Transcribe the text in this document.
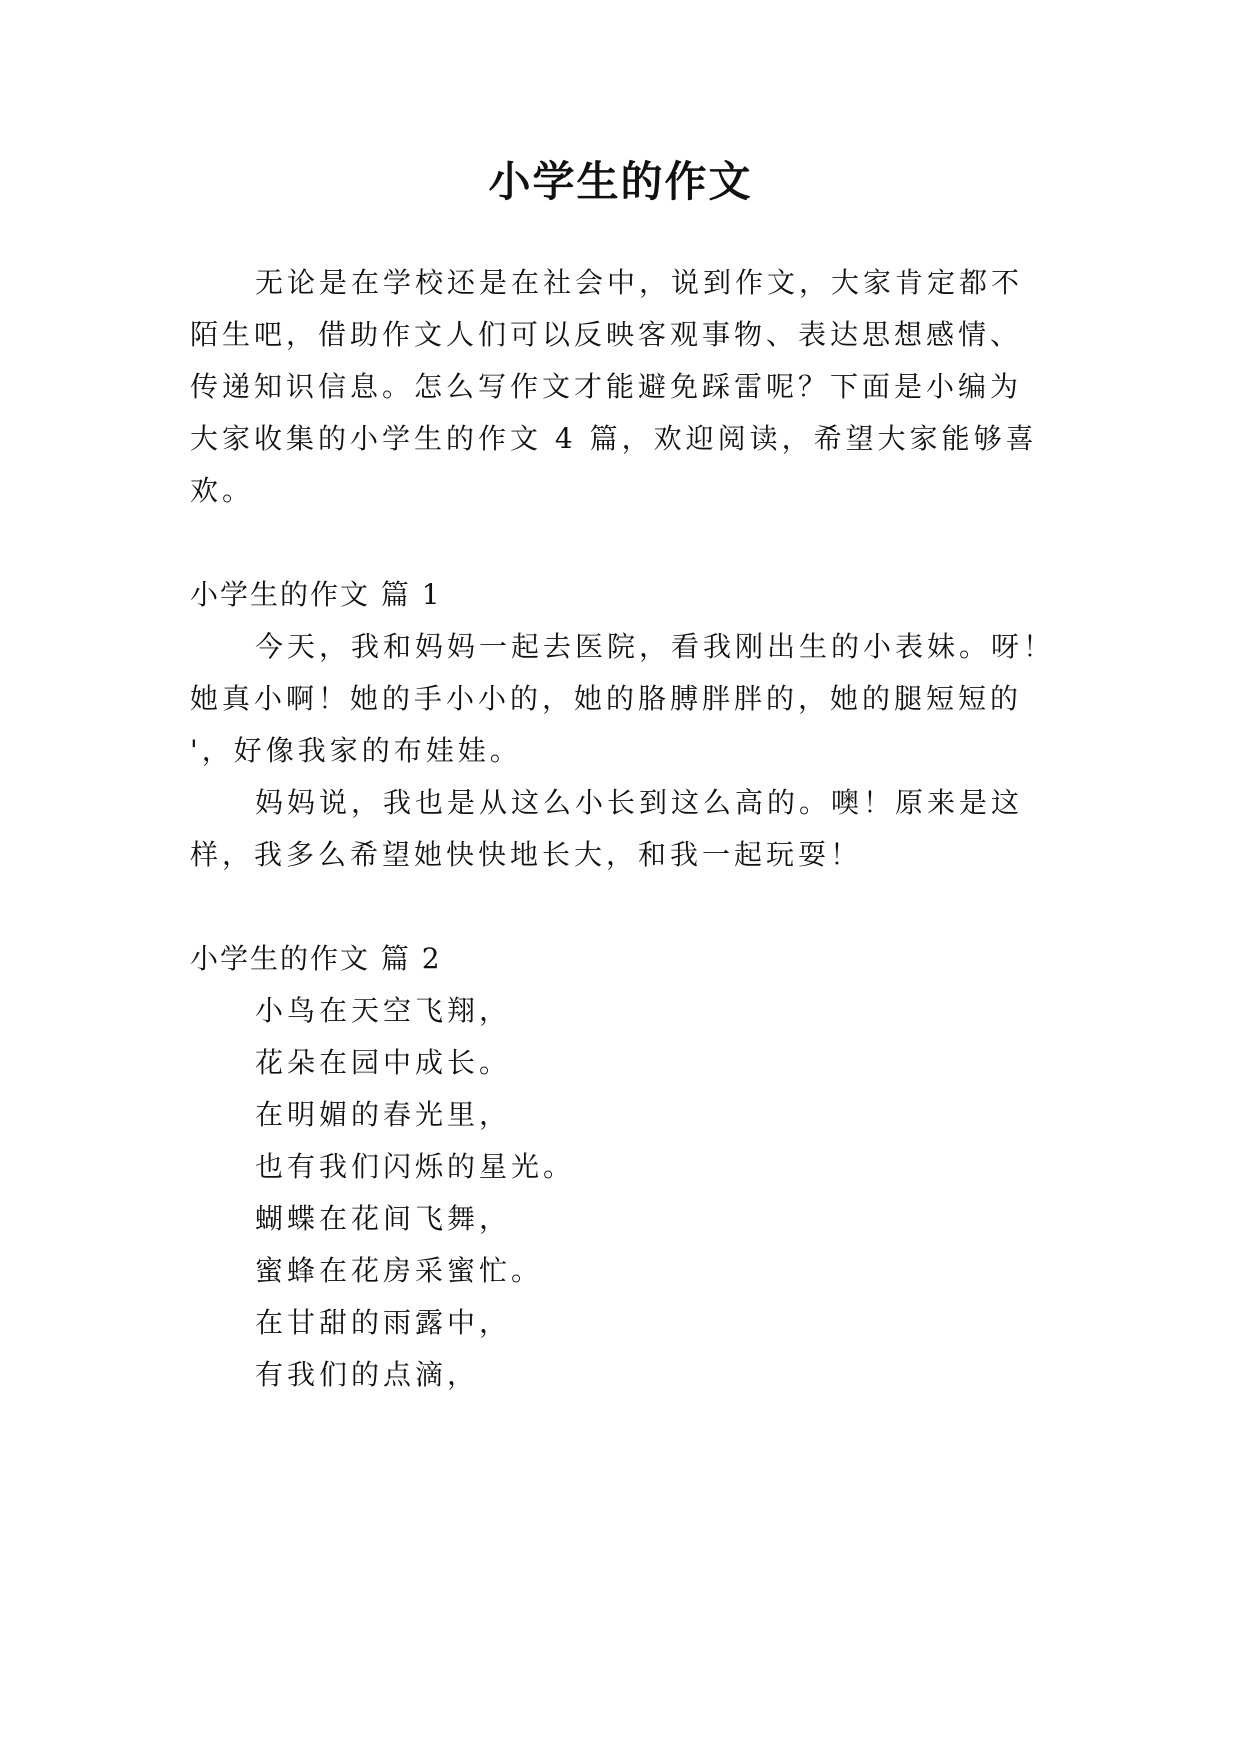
小学生的作文
无论是在学校还是在社会中，说到作文，大家肯定都不
陌生吧，借助作文人们可以反映客观事物、表达思想感情、
传递知识信息。怎么写作文才能避免踩雷呢？下面是小编为
大家收集的小学生的作文 4 篇，欢迎阅读，希望大家能够喜
欢。
小学生的作文 篇 1
今天，我和妈妈一起去医院，看我刚出生的小表妹。呀！
她真小啊！她的手小小的，她的胳膊胖胖的，她的腿短短的
'，好像我家的布娃娃。
妈妈说，我也是从这么小长到这么高的。噢！原来是这
样，我多么希望她快快地长大，和我一起玩耍！
小学生的作文 篇 2
小鸟在天空飞翔，
花朵在园中成长。
在明媚的春光里，
也有我们闪烁的星光。
蝴蝶在花间飞舞，
蜜蜂在花房采蜜忙。
在甘甜的雨露中，
有我们的点滴，
